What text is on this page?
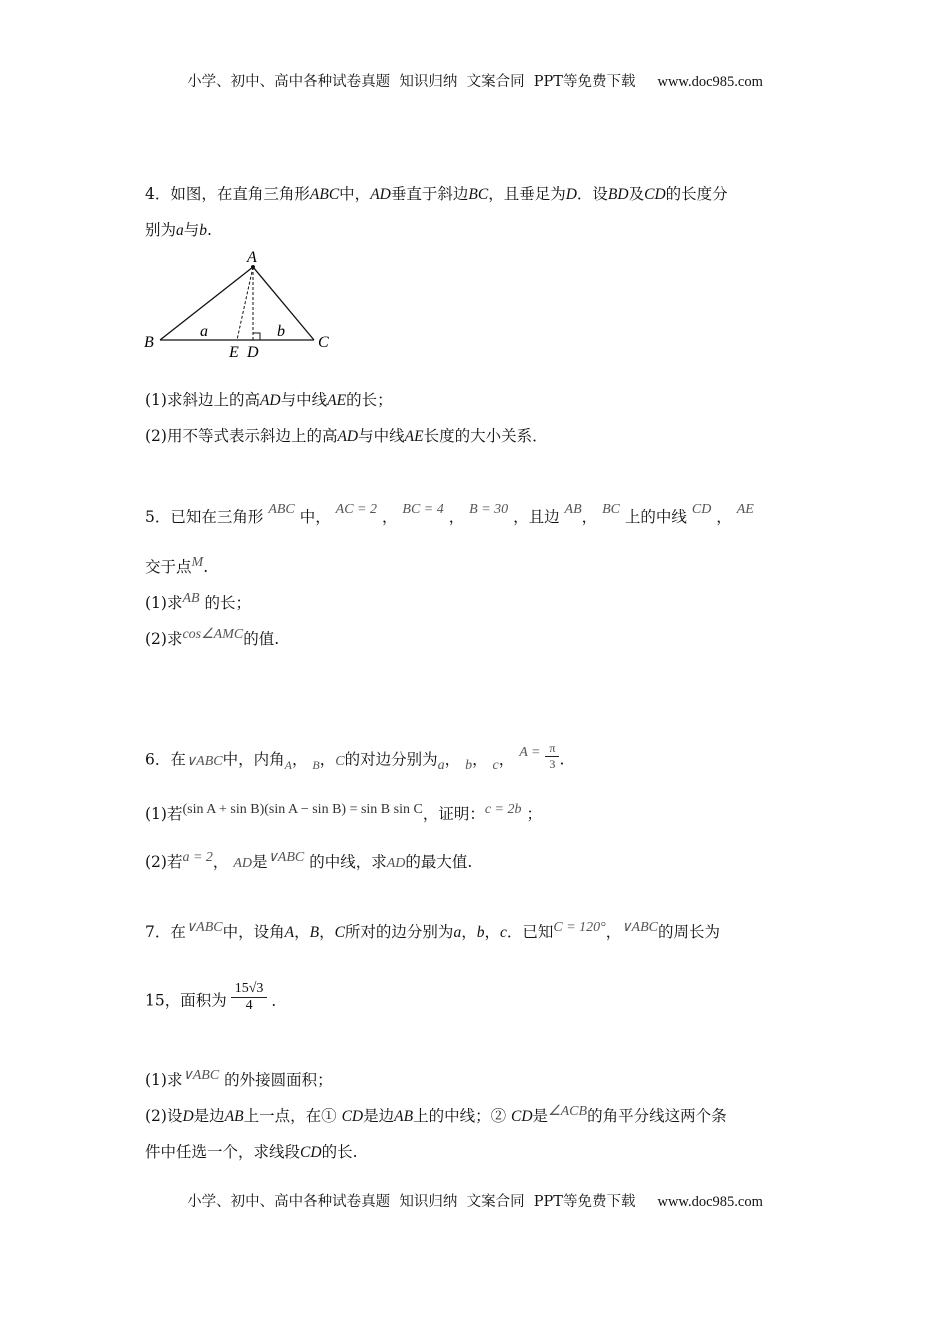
小学、初中、高中各种试卷真题  知识归纳  文案合同  PPT等免费下载 www.doc985.com
4．如图，在直角三角形ABC中，AD垂直于斜边BC，且垂足为D．设BD及CD的长度分
别为a与b.
A
B	C
E D
a	b
(1)求斜边上的高AD与中线AE的长；
(2)用不等式表示斜边上的高AD与中线AE长度的大小关系．
5．已知在三角形 ABC 中， AC = 2 ， BC = 4 ， B = 30 ，且边 AB， BC 上的中线 CD ， AE
交于点M.
(1)求AB 的长；
(2)求cos∠AMC的值.
6．在∨ABC中，内角$_A$， $_B$，C的对边分别为a， b， c， $A = \frac{\pi}{3}$ .
(1)若(sin A + sin B)(sin A − sin B) = sin B sin C，证明：c = 2b ；
(2)若a = 2， AD是∨ABC 的中线，求AD的最大值.
7．在∨ABC中，设角A，B，C所对的边分别为a，b，c．已知C = 120°，∨ABC的周长为
15，面积为 $\frac{15√3}{4}$ ．
(1)求∨ABC 的外接圆面积；
(2)设D是边AB上一点，在① CD是边AB上的中线；② CD是∠ACB的角平分线这两个条
件中任选一个，求线段CD的长.
小学、初中、高中各种试卷真题  知识归纳  文案合同  PPT等免费下载 www.doc985.com
